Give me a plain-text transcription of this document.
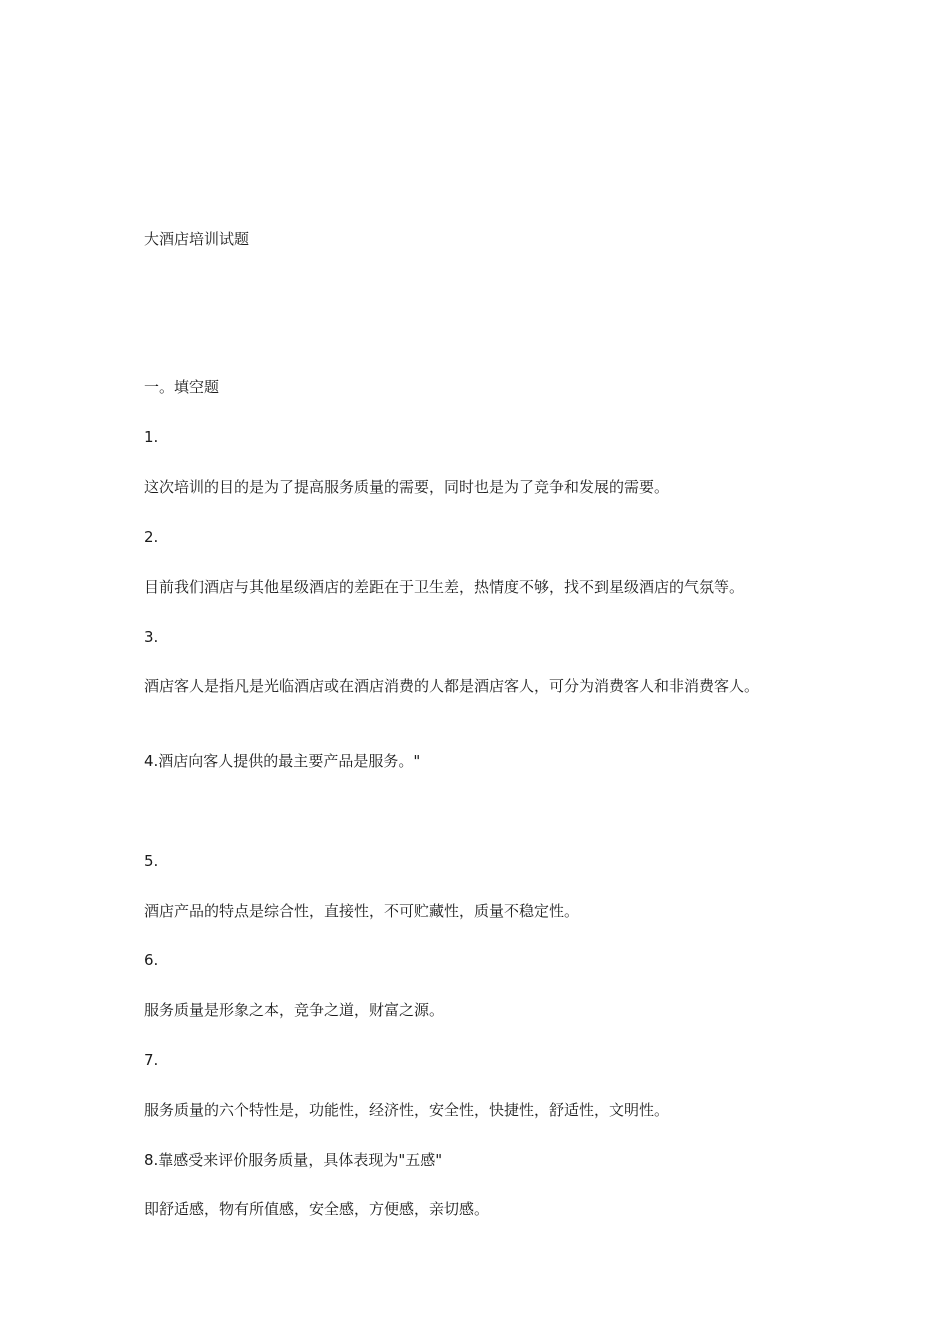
大酒店培训试题
一。填空题
1.
这次培训的目的是为了提高服务质量的需要，同时也是为了竞争和发展的需要。
2.
目前我们酒店与其他星级酒店的差距在于卫生差，热情度不够，找不到星级酒店的气氛等。
3.
酒店客人是指凡是光临酒店或在酒店消费的人都是酒店客人，可分为消费客人和非消费客人。
4.酒店向客人提供的最主要产品是服务。"
5.
酒店产品的特点是综合性，直接性，不可贮藏性，质量不稳定性。
6.
服务质量是形象之本，竞争之道，财富之源。
7.
服务质量的六个特性是，功能性，经济性，安全性，快捷性，舒适性，文明性。
8.靠感受来评价服务质量，具体表现为"五感"
即舒适感，物有所值感，安全感，方便感，亲切感。
